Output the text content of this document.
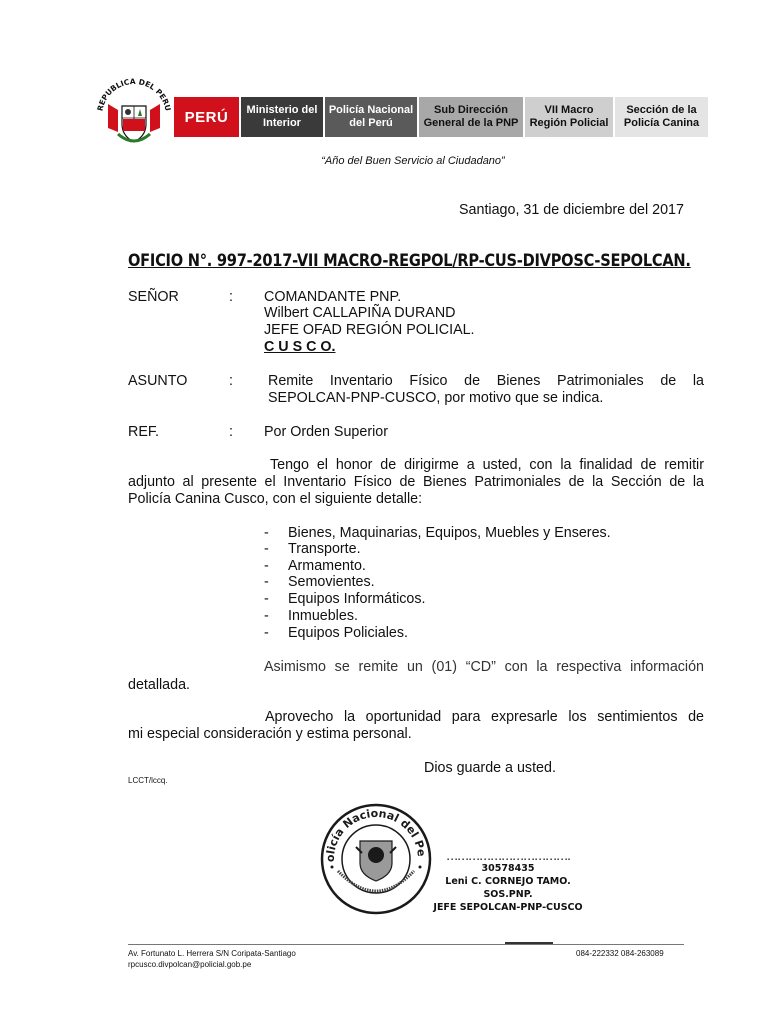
REPUBLICA DEL PERU
PERÚ	Ministerio del Interior
Policía Nacional del Perú
Sub Dirección General de la PNP
VII Macro Región Policial
Sección de la Policía Canina
“Año del Buen Servicio al Ciudadano”
Santiago, 31 de diciembre del 2017
OFICIO N°. 997-2017-VII MACRO-REGPOL/RP-CUS-DIVPOSC-SEPOLCAN.
SEÑOR	: COMANDANTE PNP.
Wilbert CALLAPIÑA DURAND
JEFE OFAD REGIÓN POLICIAL.
C U S C O.
ASUNTO	: Remite Inventario Físico de Bienes Patrimoniales de la
SEPOLCAN-PNP-CUSCO, por motivo que se indica.
REF.	: Por Orden Superior
Tengo el honor de dirigirme a usted, con la finalidad de remitir
adjunto al presente el Inventario Físico de Bienes Patrimoniales de la Sección de la
Policía Canina Cusco, con el siguiente detalle:
- Bienes, Maquinarias, Equipos, Muebles y Enseres.
- Transporte.
- Armamento.
- Semovientes.
- Equipos Informáticos.
- Inmuebles.
- Equipos Policiales.
Asimismo se remite un (01) “CD” con la respectiva información
detallada.
Aprovecho la oportunidad para expresarle los sentimientos de
mi especial consideración y estima personal.
Dios guarde a usted.
LCCT/lccq.
olicía Nacional del Pe	…………………………….
30578435
Leni C. CORNEJO TAMO.
SOS.PNP.
JEFE SEPOLCAN-PNP-CUSCO
Av. Fortunato L. Herrera S/N Coripata-Santiago
rpcusco.divpolcan@policial.gob.pe
084-222332 084-263089
